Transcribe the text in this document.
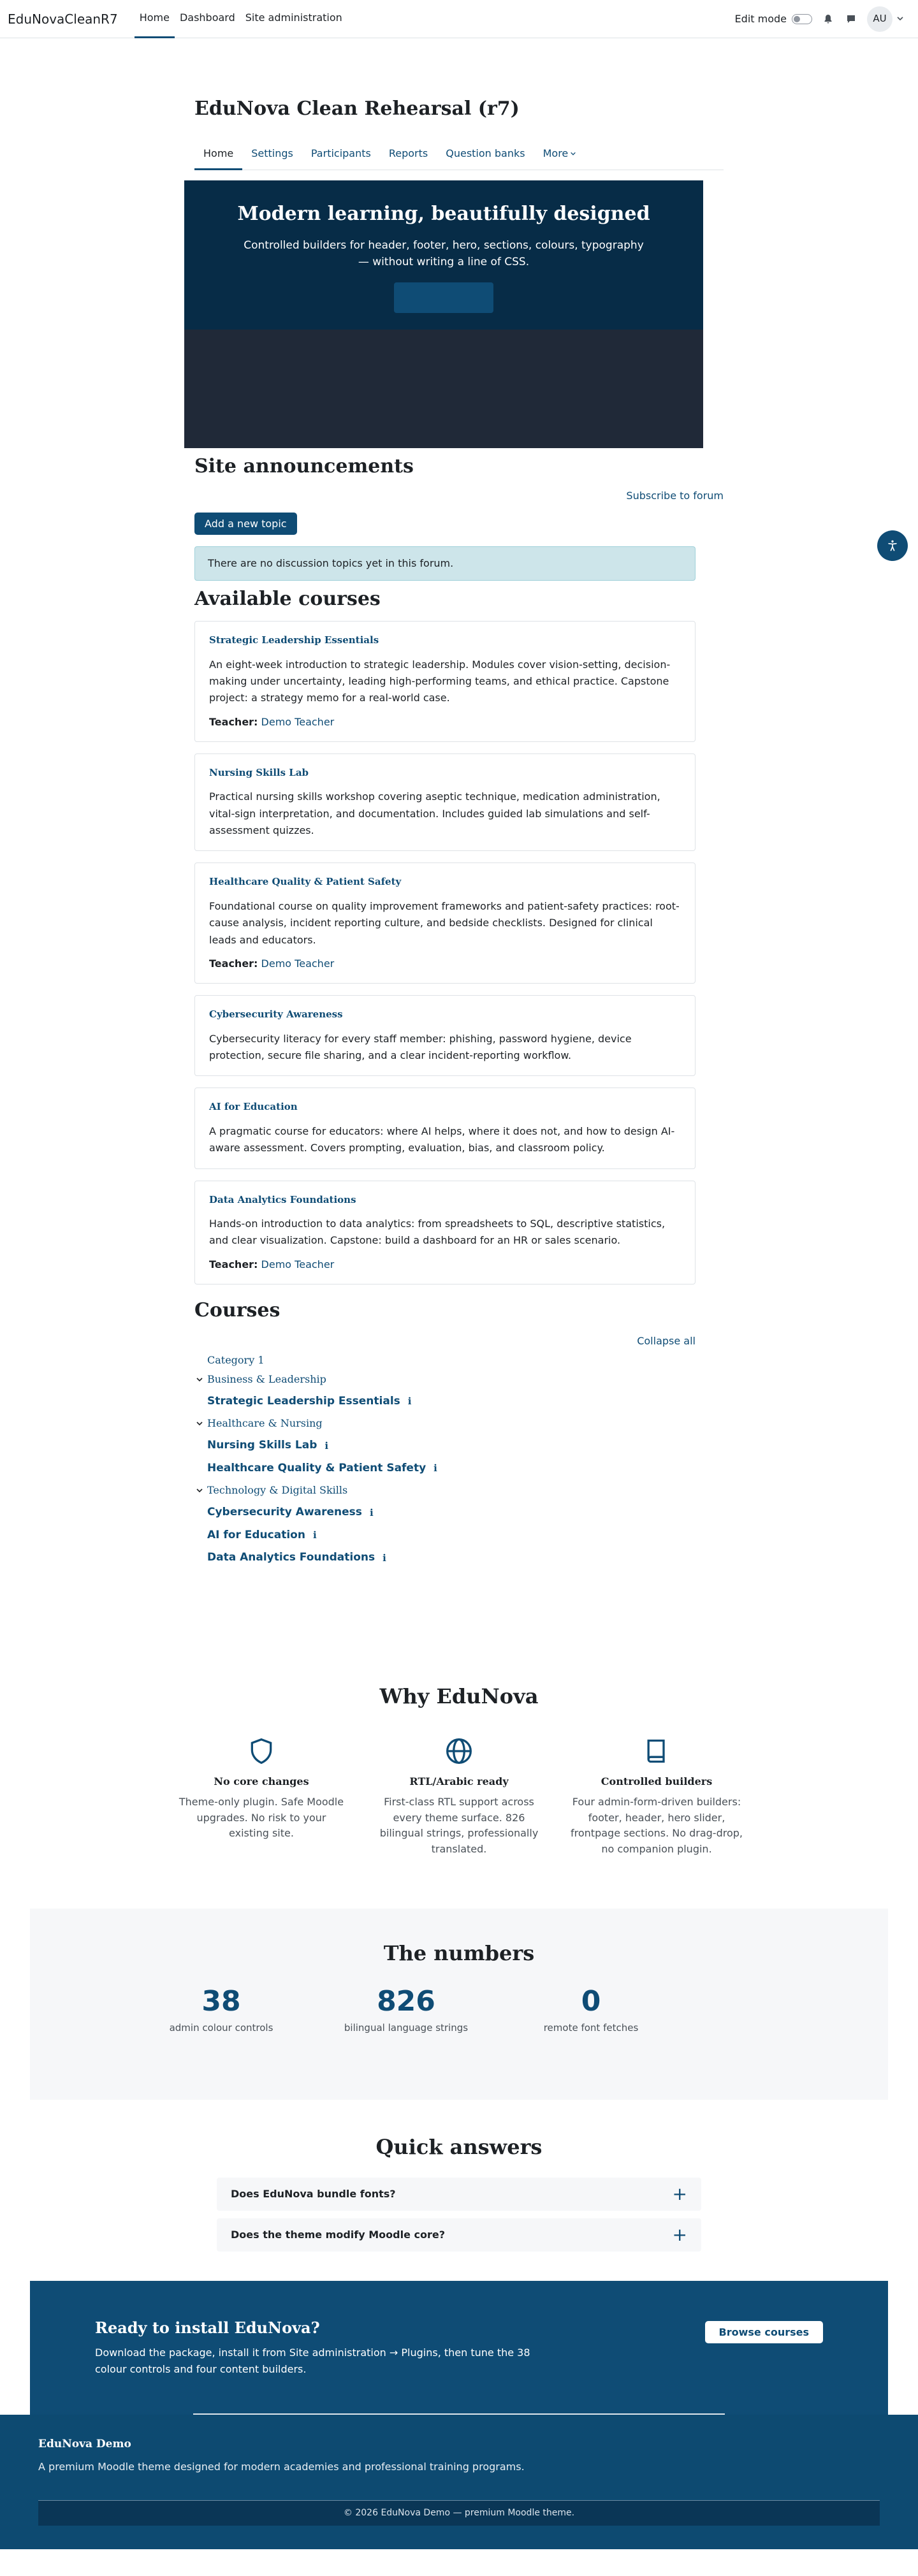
EduNovaCleanR7	Home	Dashboard	Site administration	Edit mode	AU
EduNova Clean Rehearsal (r7)
Home	Settings	Participants	Reports	Question banks	More
Modern learning, beautifully designed
Controlled builders for header, footer, hero, sections, colours, typography — without writing a line of CSS.
Site announcements
Subscribe to forum
Add a new topic
There are no discussion topics yet in this forum.
Available courses
Strategic Leadership Essentials
An eight-week introduction to strategic leadership. Modules cover vision-setting, decision-making under uncertainty, leading high-performing teams, and ethical practice. Capstone project: a strategy memo for a real-world case.
Teacher: Demo Teacher
Nursing Skills Lab
Practical nursing skills workshop covering aseptic technique, medication administration, vital-sign interpretation, and documentation. Includes guided lab simulations and self-assessment quizzes.
Healthcare Quality & Patient Safety
Foundational course on quality improvement frameworks and patient-safety practices: root-cause analysis, incident reporting culture, and bedside checklists. Designed for clinical leads and educators.
Teacher: Demo Teacher
Cybersecurity Awareness
Cybersecurity literacy for every staff member: phishing, password hygiene, device protection, secure file sharing, and a clear incident-reporting workflow.
AI for Education
A pragmatic course for educators: where AI helps, where it does not, and how to design AI-aware assessment. Covers prompting, evaluation, bias, and classroom policy.
Data Analytics Foundations
Hands-on introduction to data analytics: from spreadsheets to SQL, descriptive statistics, and clear visualization. Capstone: build a dashboard for an HR or sales scenario.
Teacher: Demo Teacher
Courses
Collapse all
Category 1
Business & Leadership
Strategic Leadership Essentials ℹ
Healthcare & Nursing
Nursing Skills Lab ℹ
Healthcare Quality & Patient Safety ℹ
Technology & Digital Skills
Cybersecurity Awareness ℹ
AI for Education ℹ
Data Analytics Foundations ℹ
Why EduNova
No core changes
Theme-only plugin. Safe Moodle upgrades. No risk to your existing site.
RTL/Arabic ready
First-class RTL support across every theme surface. 826 bilingual strings, professionally translated.
Controlled builders
Four admin-form-driven builders: footer, header, hero slider, frontpage sections. No drag-drop, no companion plugin.
The numbers
38
admin colour controls
826
bilingual language strings
0
remote font fetches
Quick answers
Does EduNova bundle fonts?	+
Does the theme modify Moodle core?	+
Ready to install EduNova?
Download the package, install it from Site administration → Plugins, then tune the 38 colour controls and four content builders.
Browse courses
EduNova Demo
A premium Moodle theme designed for modern academies and professional training programs.
© 2026 EduNova Demo — premium Moodle theme.
